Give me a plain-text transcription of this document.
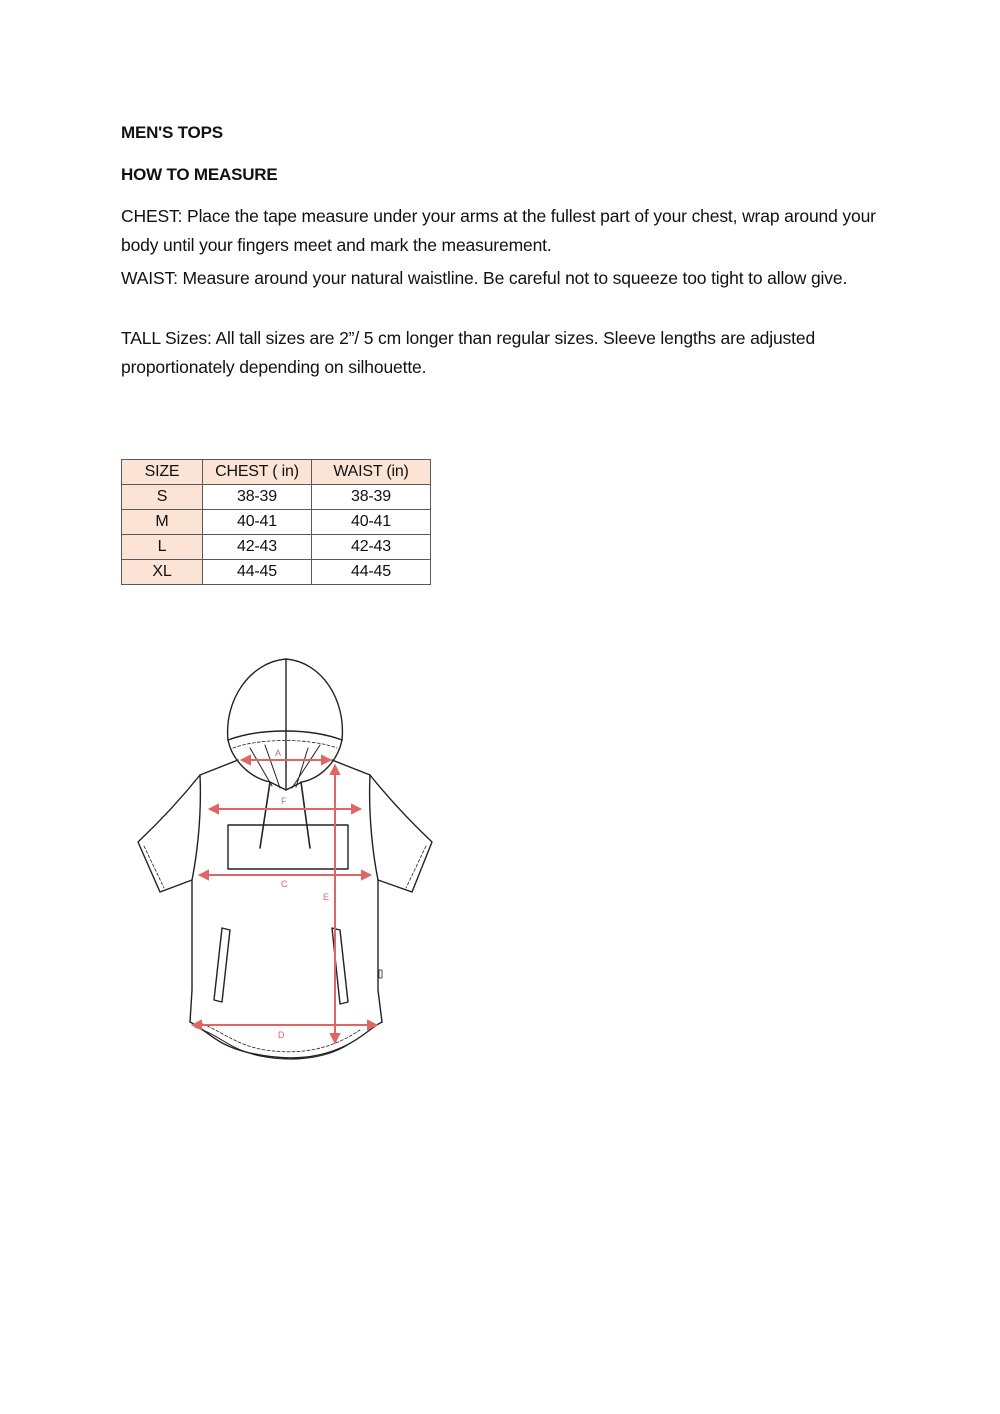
MEN'S TOPS
HOW TO MEASURE
CHEST: Place the tape measure under your arms at the fullest part of your chest, wrap around your body until your fingers meet and mark the measurement.
WAIST: Measure around your natural waistline. Be careful not to squeeze too tight to allow give.
TALL Sizes: All tall sizes are 2”/ 5 cm longer than regular sizes. Sleeve lengths are adjusted proportionately depending on silhouette.
SIZE	CHEST ( in)	WAIST (in)
S	38-39	38-39
M	40-41	40-41
L	42-43	42-43
XL	44-45	44-45
A
F
C
E
D
